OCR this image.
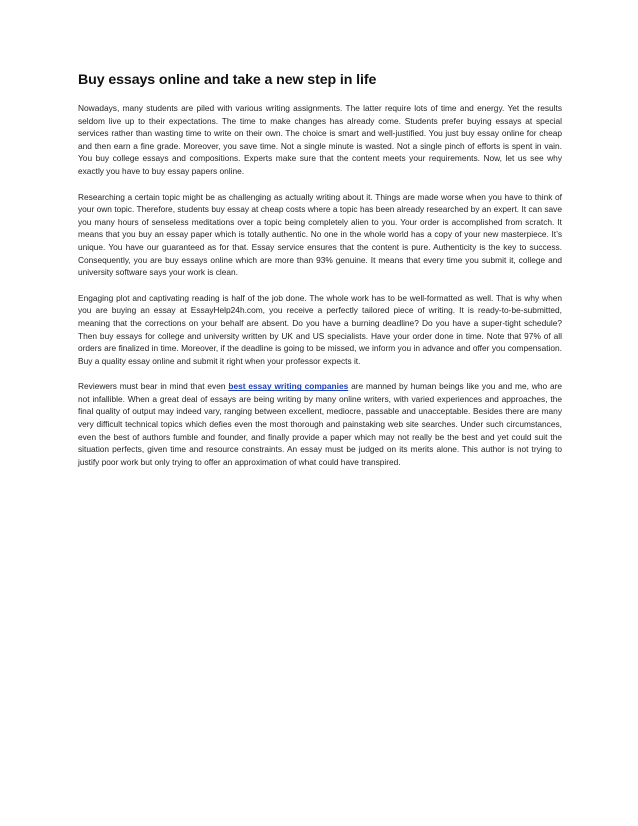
Buy essays online and take a new step in life

Nowadays, many students are piled with various writing assignments. The latter require lots of time and energy. Yet the results seldom live up to their expectations. The time to make changes has already come. Students prefer buying essays at special services rather than wasting time to write on their own. The choice is smart and well-justified. You just buy essay online for cheap and then earn a fine grade. Moreover, you save time. Not a single minute is wasted. Not a single pinch of efforts is spent in vain. You buy college essays and compositions. Experts make sure that the content meets your requirements. Now, let us see why exactly you have to buy essay papers online.

Researching a certain topic might be as challenging as actually writing about it. Things are made worse when you have to think of your own topic. Therefore, students buy essay at cheap costs where a topic has been already researched by an expert. It can save you many hours of senseless meditations over a topic being completely alien to you. Your order is accomplished from scratch. It means that you buy an essay paper which is totally authentic. No one in the whole world has a copy of your new masterpiece. It’s unique. You have our guaranteed as for that. Essay service ensures that the content is pure. Authenticity is the key to success. Consequently, you are buy essays online which are more than 93% genuine. It means that every time you submit it, college and university software says your work is clean.

Engaging plot and captivating reading is half of the job done. The whole work has to be well-formatted as well. That is why when you are buying an essay at EssayHelp24h.com, you receive a perfectly tailored piece of writing. It is ready-to-be-submitted, meaning that the corrections on your behalf are absent. Do you have a burning deadline? Do you have a super-tight schedule? Then buy essays for college and university written by UK and US specialists. Have your order done in time. Note that 97% of all orders are finalized in time. Moreover, if the deadline is going to be missed, we inform you in advance and offer you compensation. Buy a quality essay online and submit it right when your professor expects it.

Reviewers must bear in mind that even best essay writing companies are manned by human beings like you and me, who are not infallible. When a great deal of essays are being writing by many online writers, with varied experiences and approaches, the final quality of output may indeed vary, ranging between excellent, mediocre, passable and unacceptable. Besides there are many very difficult technical topics which defies even the most thorough and painstaking web site searches. Under such circumstances, even the best of authors fumble and founder, and finally provide a paper which may not really be the best and yet could suit the situation perfects, given time and resource constraints. An essay must be judged on its merits alone. This author is not trying to justify poor work but only trying to offer an approximation of what could have transpired.
